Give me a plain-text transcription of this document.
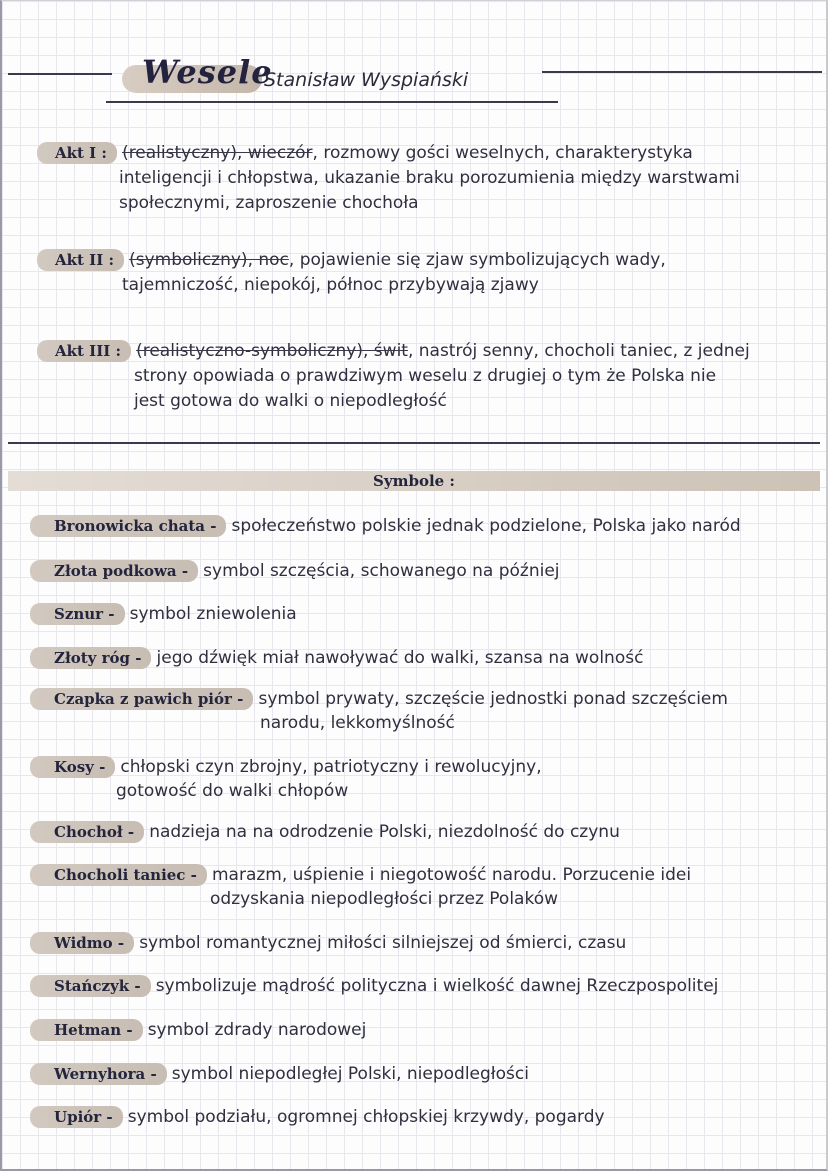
Wesele
Stanisław Wyspiański
Akt I : (realistyczny), wieczór, rozmowy gości weselnych, charakterystyka
inteligencji i chłopstwa, ukazanie braku porozumienia między warstwami
społecznymi, zaproszenie chochoła
Akt II : (symboliczny), noc, pojawienie się zjaw symbolizujących wady,
tajemniczość, niepokój, północ przybywają zjawy
Akt III : (realistyczno-symboliczny), świt, nastrój senny, chocholi taniec, z jednej
strony opowiada o prawdziwym weselu z drugiej o tym że Polska nie
jest gotowa do walki o niepodległość
Symbole :
Bronowicka chata - społeczeństwo polskie jednak podzielone, Polska jako naród
Złota podkowa - symbol szczęścia, schowanego na później
Sznur - symbol zniewolenia
Złoty róg - jego dźwięk miał nawoływać do walki, szansa na wolność
Czapka z pawich piór - symbol prywaty, szczęście jednostki ponad szczęściem
narodu, lekkomyślność
Kosy - chłopski czyn zbrojny, patriotyczny i rewolucyjny,
gotowość do walki chłopów
Chochoł - nadzieja na na odrodzenie Polski, niezdolność do czynu
Chocholi taniec - marazm, uśpienie i niegotowość narodu. Porzucenie idei
odzyskania niepodległości przez Polaków
Widmo - symbol romantycznej miłości silniejszej od śmierci, czasu
Stańczyk - symbolizuje mądrość polityczna i wielkość dawnej Rzeczpospolitej
Hetman - symbol zdrady narodowej
Wernyhora - symbol niepodległej Polski, niepodległości
Upiór - symbol podziału, ogromnej chłopskiej krzywdy, pogardy
